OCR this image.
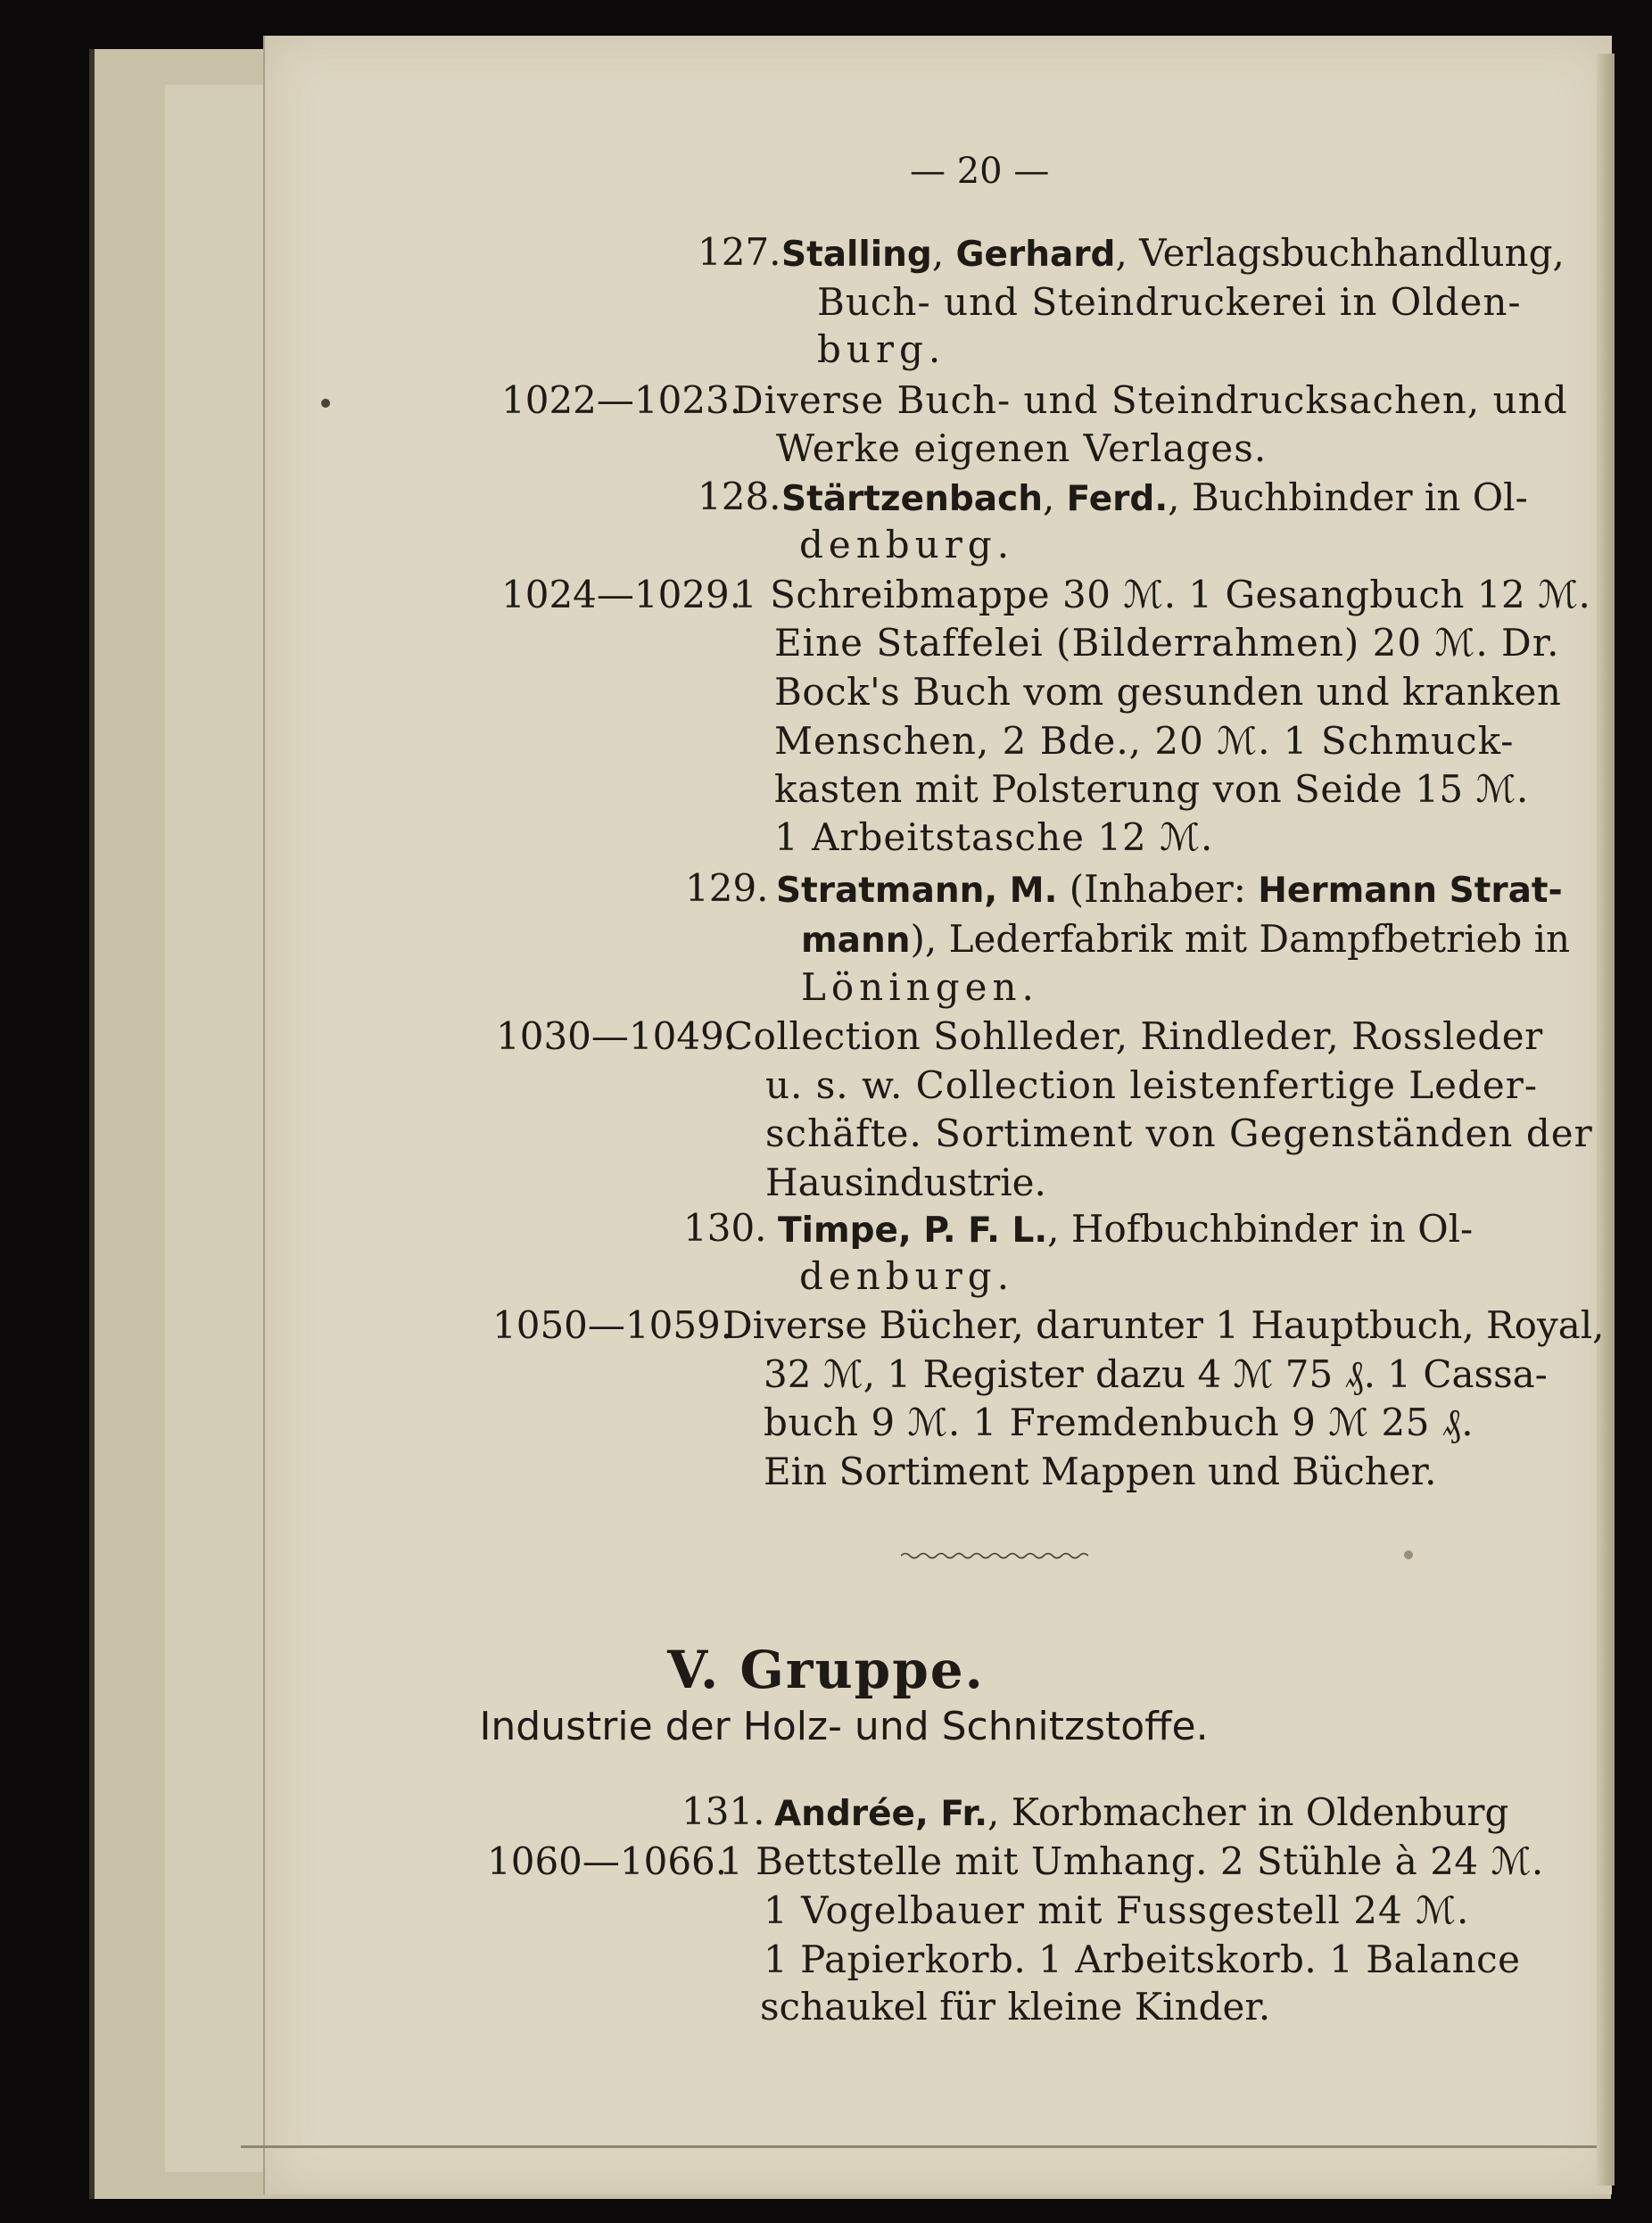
— 20 —
127. Stalling, Gerhard, Verlagsbuchhandlung,
Buch- und Steindruckerei in Olden-
burg.
1022—1023.
Diverse Buch- und Steindrucksachen, und
Werke eigenen Verlages.
128. Stärtzenbach, Ferd., Buchbinder in Ol-
denburg.
1024—1029.
1 Schreibmappe 30 ℳ. 1 Gesangbuch 12 ℳ.
Eine Staffelei (Bilderrahmen) 20 ℳ. Dr.
Bock's Buch vom gesunden und kranken
Menschen, 2 Bde., 20 ℳ. 1 Schmuck-
kasten mit Polsterung von Seide 15 ℳ.
1 Arbeitstasche 12 ℳ.
129. Stratmann, M. (Inhaber: Hermann Strat-
mann), Lederfabrik mit Dampfbetrieb in
Löningen.
1030—1049.
Collection Sohlleder, Rindleder, Rossleder
u. s. w. Collection leistenfertige Leder-
schäfte. Sortiment von Gegenständen der
Hausindustrie.
130. Timpe, P. F. L., Hofbuchbinder in Ol-
denburg.
1050—1059.
Diverse Bücher, darunter 1 Hauptbuch, Royal,
32 ℳ, 1 Register dazu 4 ℳ 75 ₰. 1 Cassa-
buch 9 ℳ. 1 Fremdenbuch 9 ℳ 25 ₰.
Ein Sortiment Mappen und Bücher.
V. Gruppe.
Industrie der Holz- und Schnitzstoffe.
131. Andrée, Fr., Korbmacher in Oldenburg
1060—1066.
1 Bettstelle mit Umhang. 2 Stühle à 24 ℳ.
1 Vogelbauer mit Fussgestell 24 ℳ.
1 Papierkorb. 1 Arbeitskorb. 1 Balance
schaukel für kleine Kinder.
